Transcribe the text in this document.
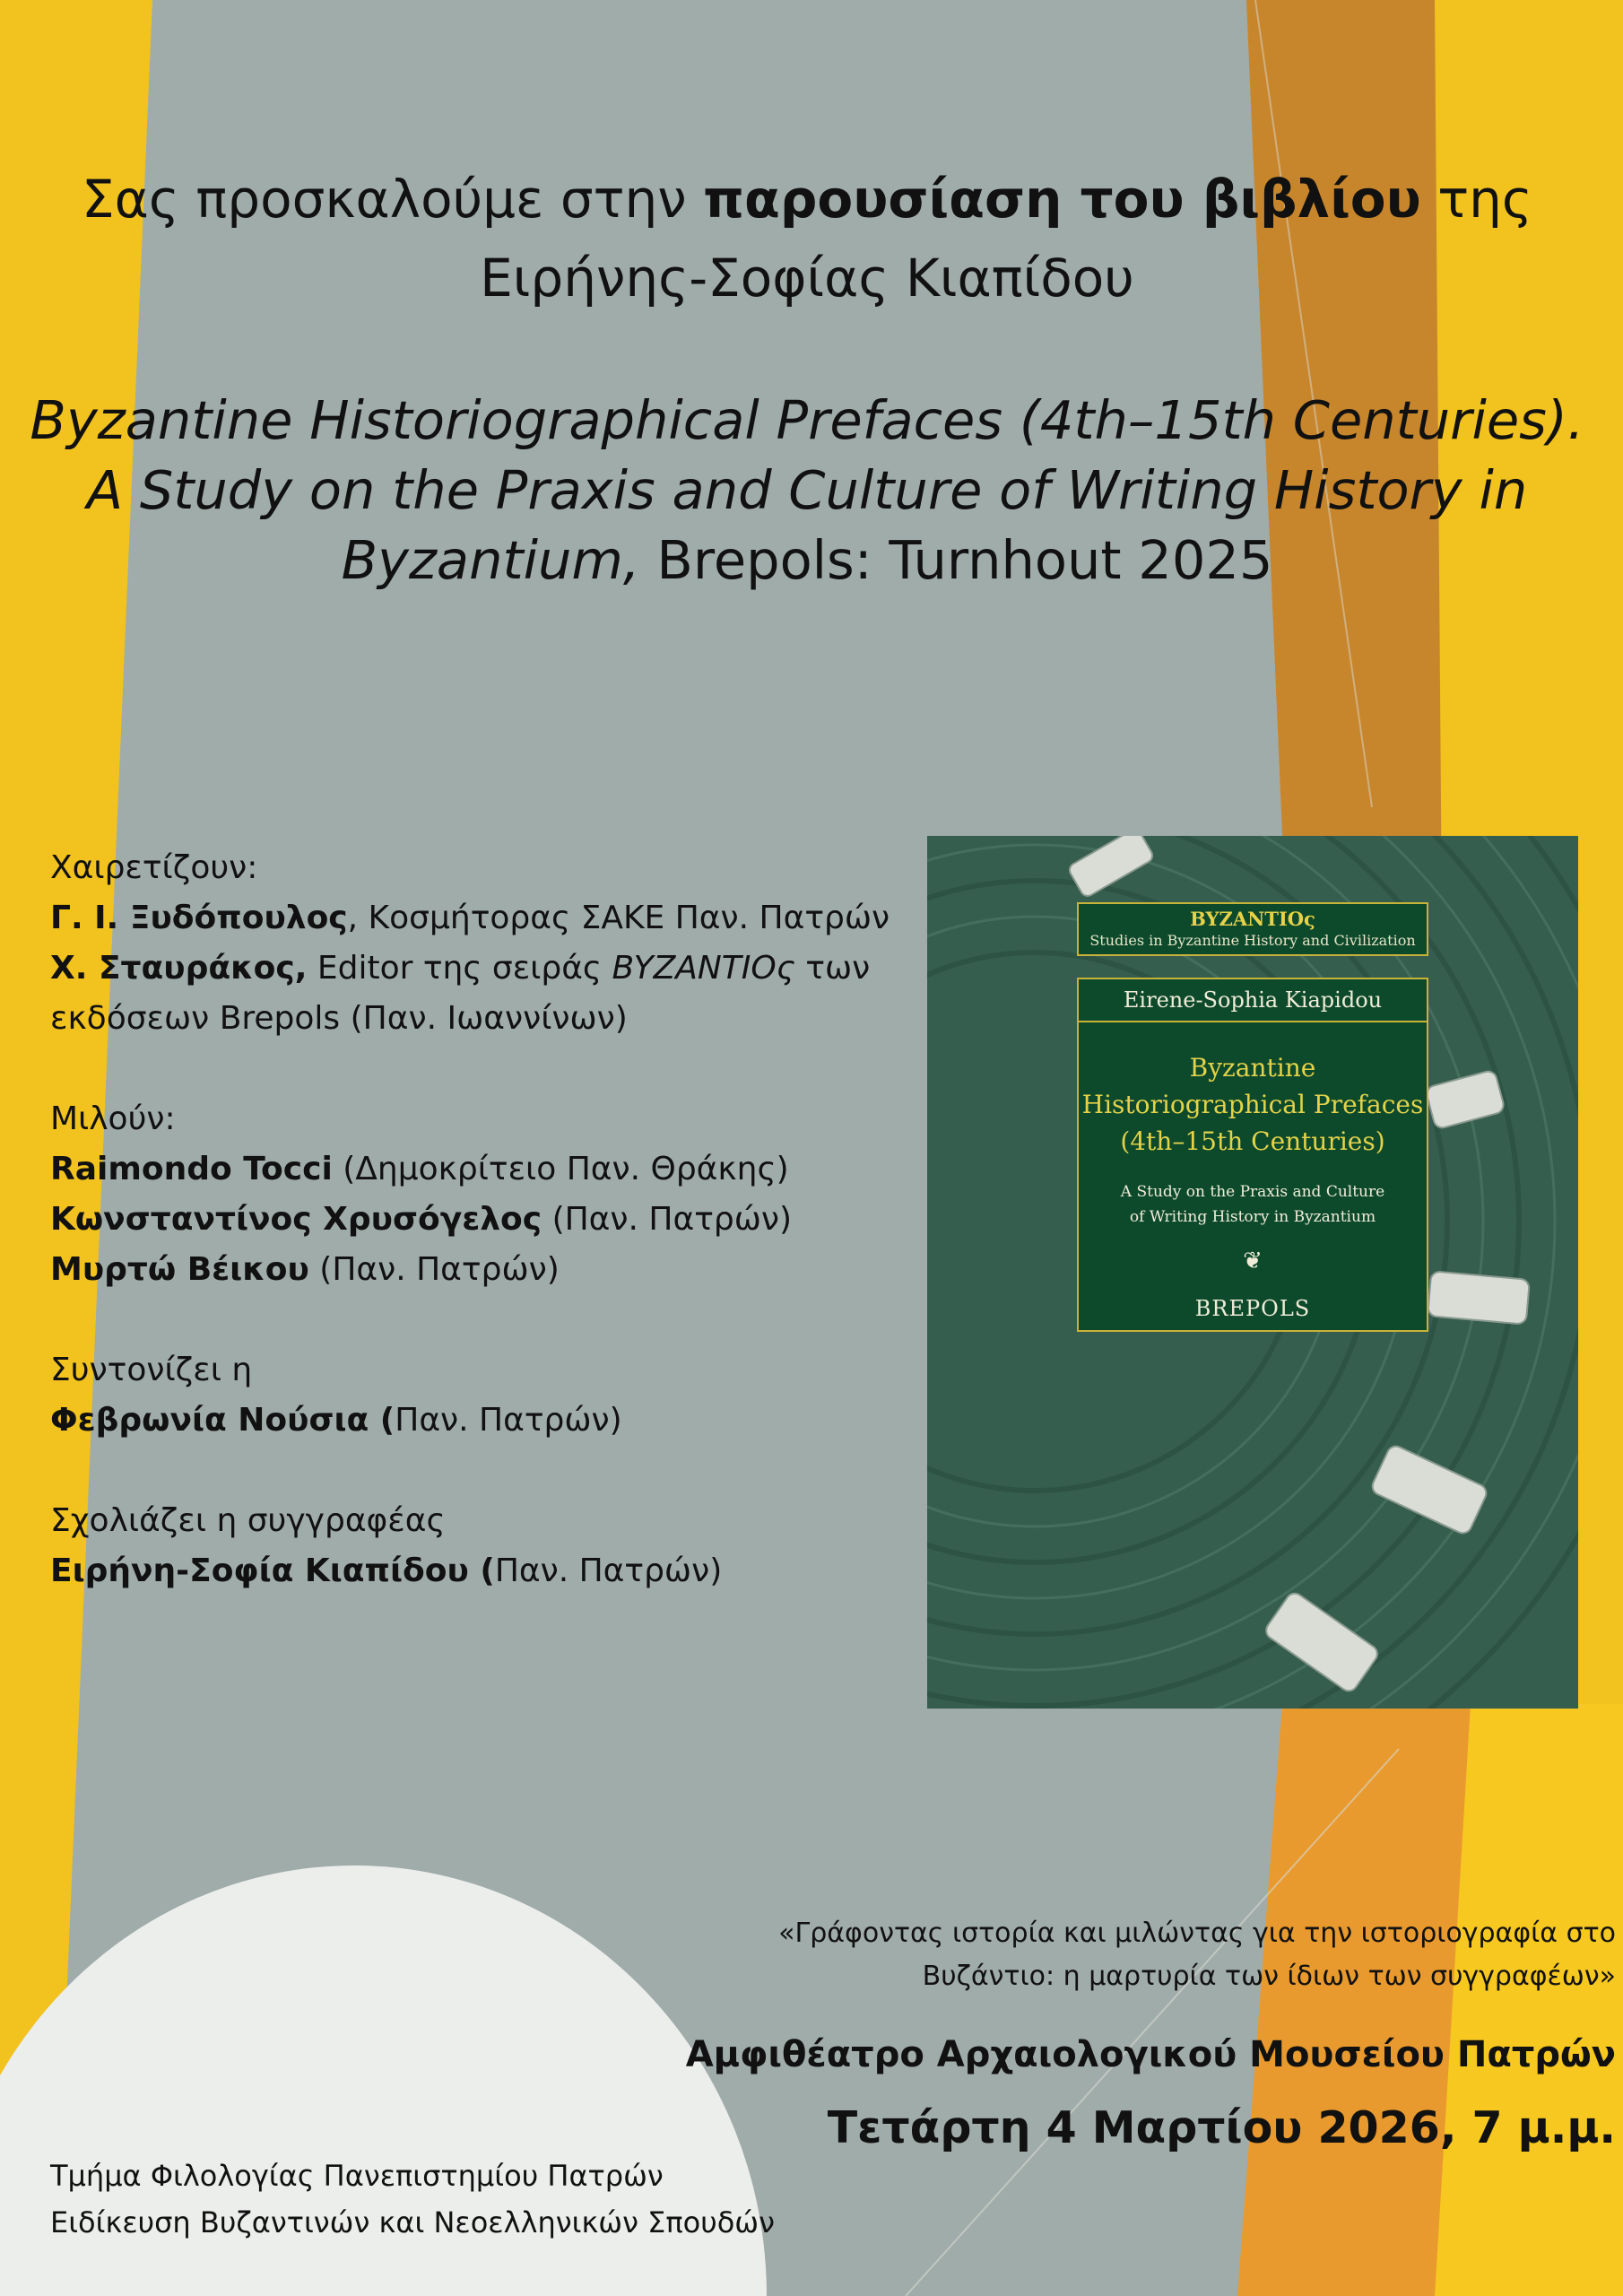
Σας προσκαλούμε στην παρουσίαση του βιβλίου της
Ειρήνης-Σοφίας Κιαπίδου
Byzantine Historiographical Prefaces (4th–15th Centuries).
A Study on the Praxis and Culture of Writing History in
Byzantium, Brepols: Turnhout 2025
Χαιρετίζουν:
Γ. Ι. Ξυδόπουλος, Κοσμήτορας ΣΑΚΕ Παν. Πατρών
Χ. Σταυράκος, Editor της σειράς BYZANTIOς των
εκδόσεων Brepols (Παν. Ιωαννίνων)
Μιλούν:
Raimondo Tocci (Δημοκρίτειο Παν. Θράκης)
Κωνσταντίνος Χρυσόγελος (Παν. Πατρών)
Μυρτώ Βέικου (Παν. Πατρών)
Συντονίζει η
Φεβρωνία Νούσια (Παν. Πατρών)
Σχολιάζει η συγγραφέας
Ειρήνη-Σοφία Κιαπίδου (Παν. Πατρών)
BYZANTIOς
Studies in Byzantine History and Civilization
Eirene-Sophia Kiapidou
Byzantine
Historiographical Prefaces
(4th–15th Centuries)
A Study on the Praxis and Culture of Writing History in Byzantium
❦
BREPOLS
«Γράφοντας ιστορία και μιλώντας για την ιστοριογραφία στο
Βυζάντιο: η μαρτυρία των ίδιων των συγγραφέων»
Αμφιθέατρο Αρχαιολογικού Μουσείου Πατρών
Τετάρτη 4 Μαρτίου 2026, 7 μ.μ.
Τμήμα Φιλολογίας Πανεπιστημίου Πατρών
Ειδίκευση Βυζαντινών και Νεοελληνικών Σπουδών
